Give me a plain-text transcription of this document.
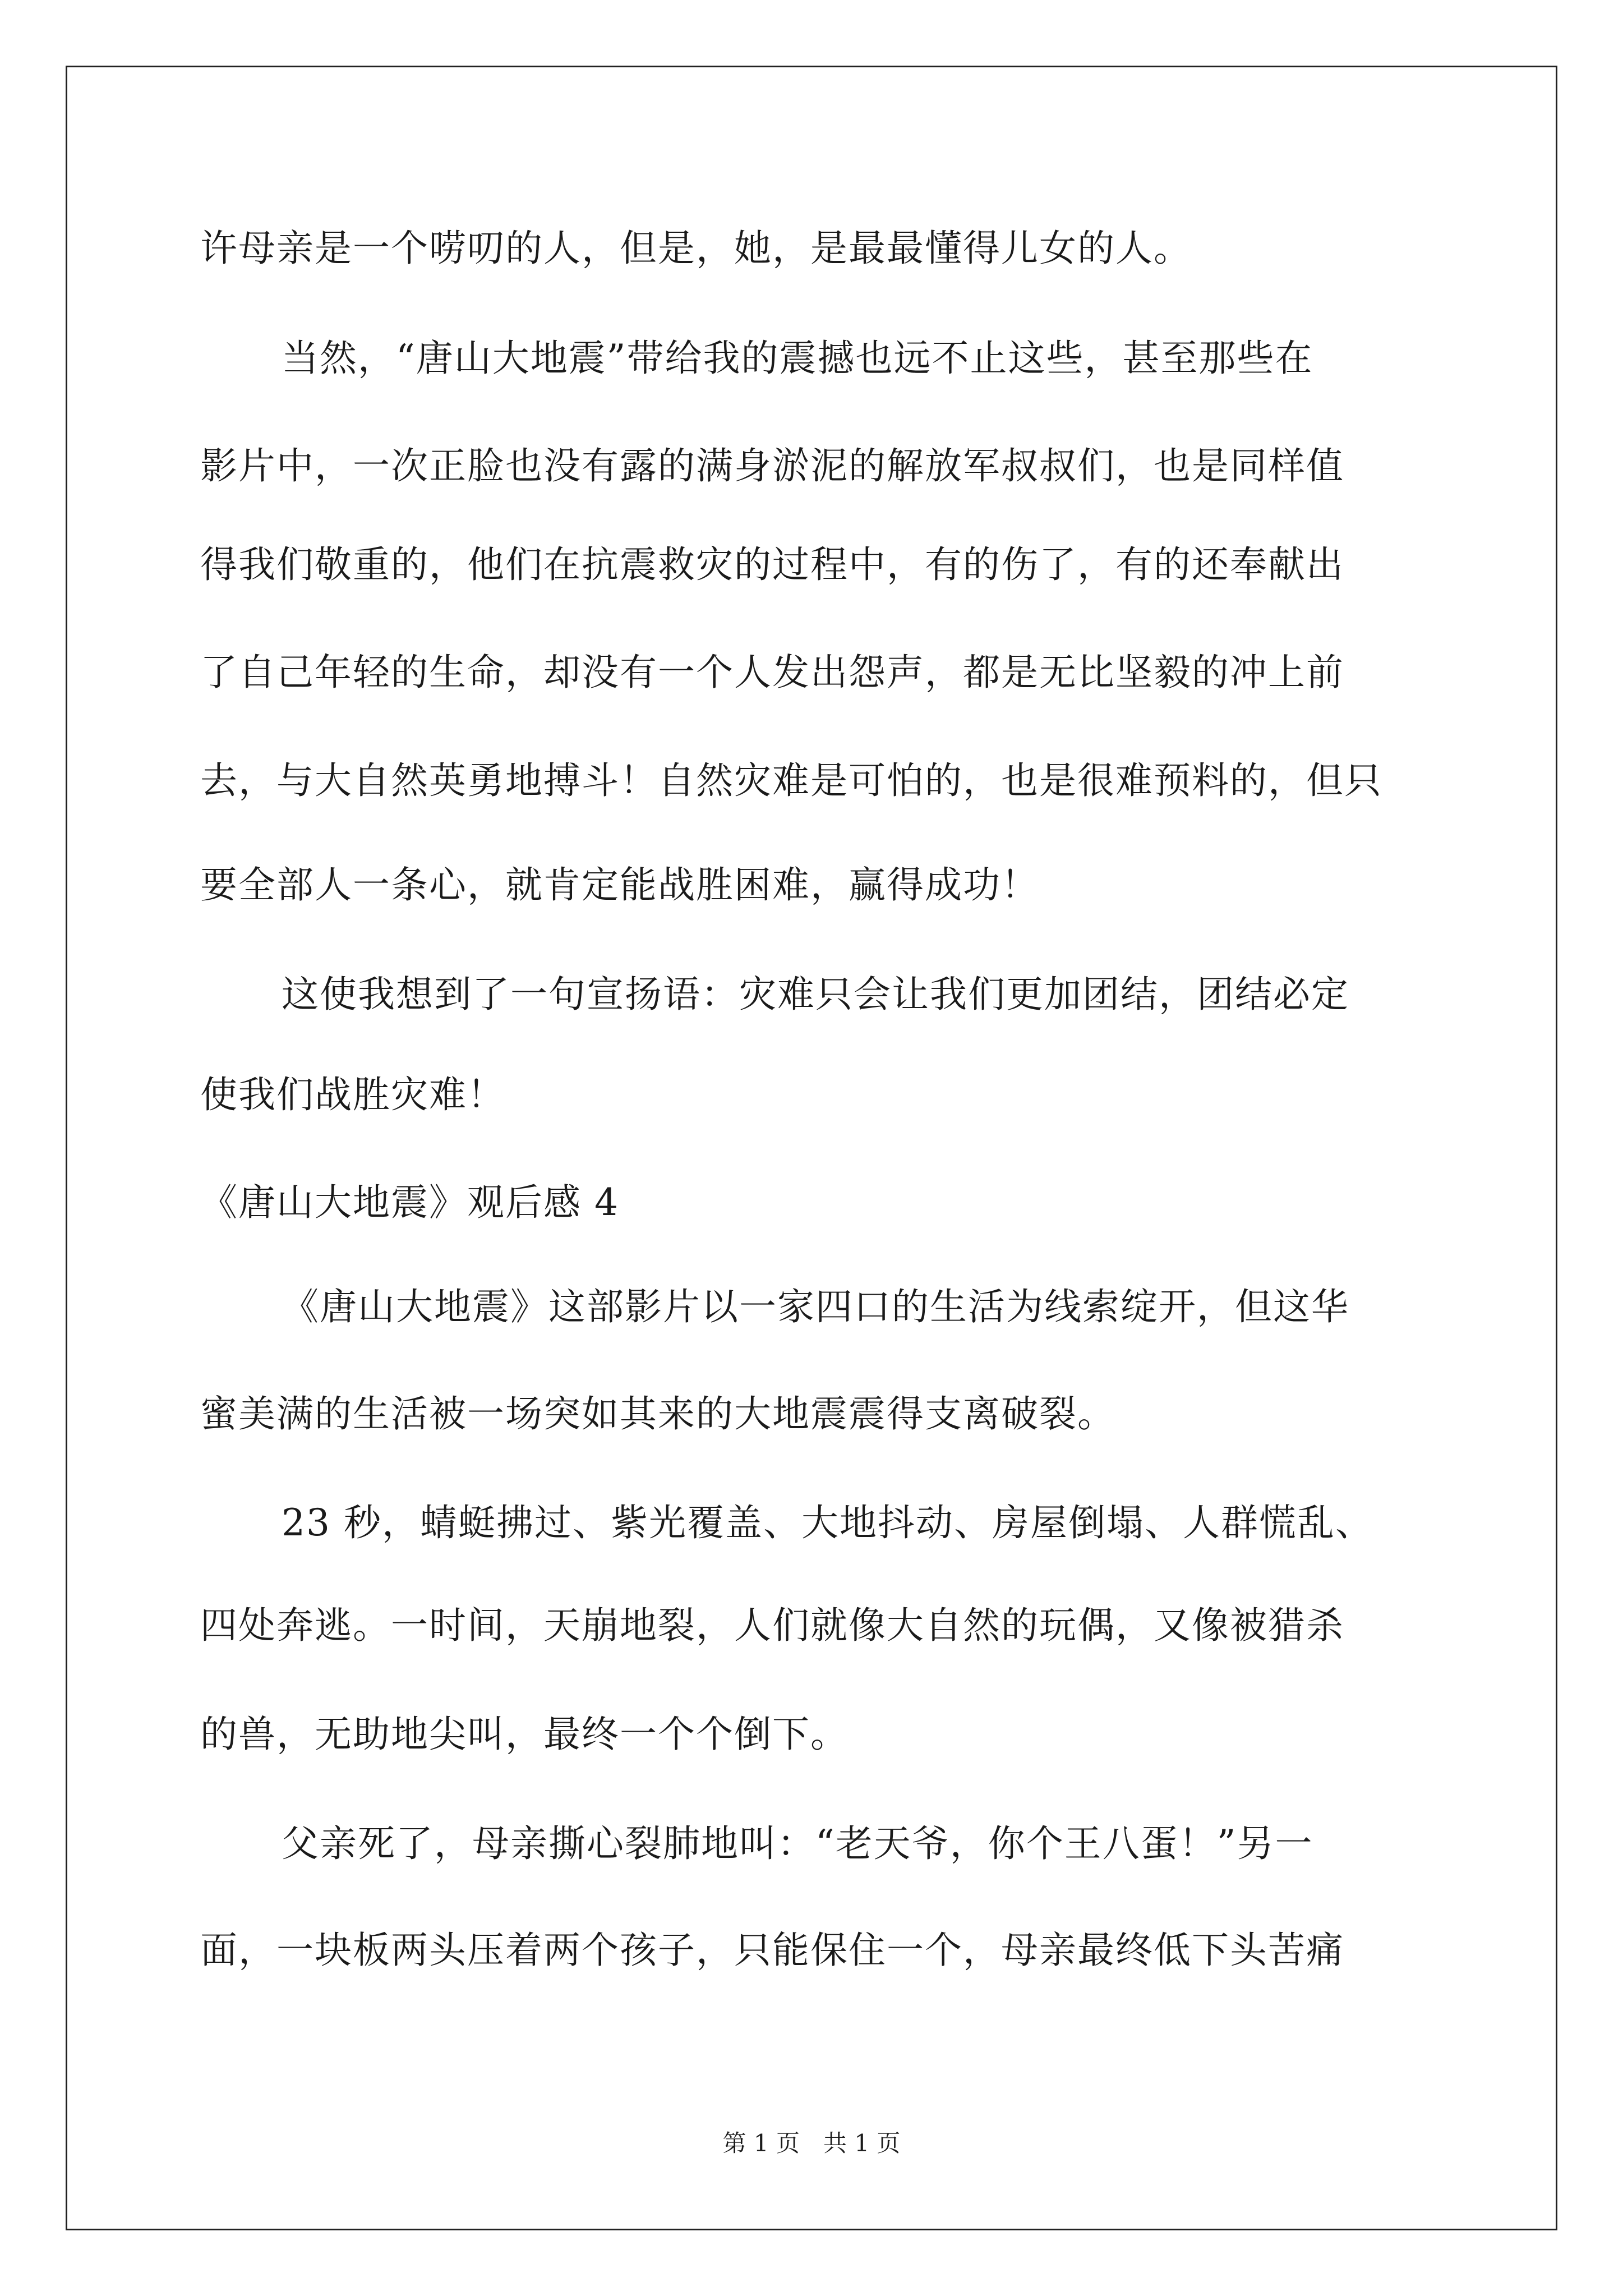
许母亲是一个唠叨的人，但是，她，是最最懂得儿女的人。

当然，“唐山大地震”带给我的震撼也远不止这些，甚至那些在

影片中，一次正脸也没有露的满身淤泥的解放军叔叔们，也是同样值

得我们敬重的，他们在抗震救灾的过程中，有的伤了，有的还奉献出

了自己年轻的生命，却没有一个人发出怨声，都是无比坚毅的冲上前

去，与大自然英勇地搏斗！自然灾难是可怕的，也是很难预料的，但只

要全部人一条心，就肯定能战胜困难，赢得成功！

这使我想到了一句宣扬语：灾难只会让我们更加团结，团结必定

使我们战胜灾难！

《唐山大地震》观后感 4

《唐山大地震》这部影片以一家四口的生活为线索绽开，但这华

蜜美满的生活被一场突如其来的大地震震得支离破裂。

23 秒，蜻蜓拂过、紫光覆盖、大地抖动、房屋倒塌、人群慌乱、

四处奔逃。一时间，天崩地裂，人们就像大自然的玩偶，又像被猎杀

的兽，无助地尖叫，最终一个个倒下。

父亲死了，母亲撕心裂肺地叫：“老天爷，你个王八蛋！”另一

面，一块板两头压着两个孩子，只能保住一个，母亲最终低下头苦痛

第 1 页　共 1 页
